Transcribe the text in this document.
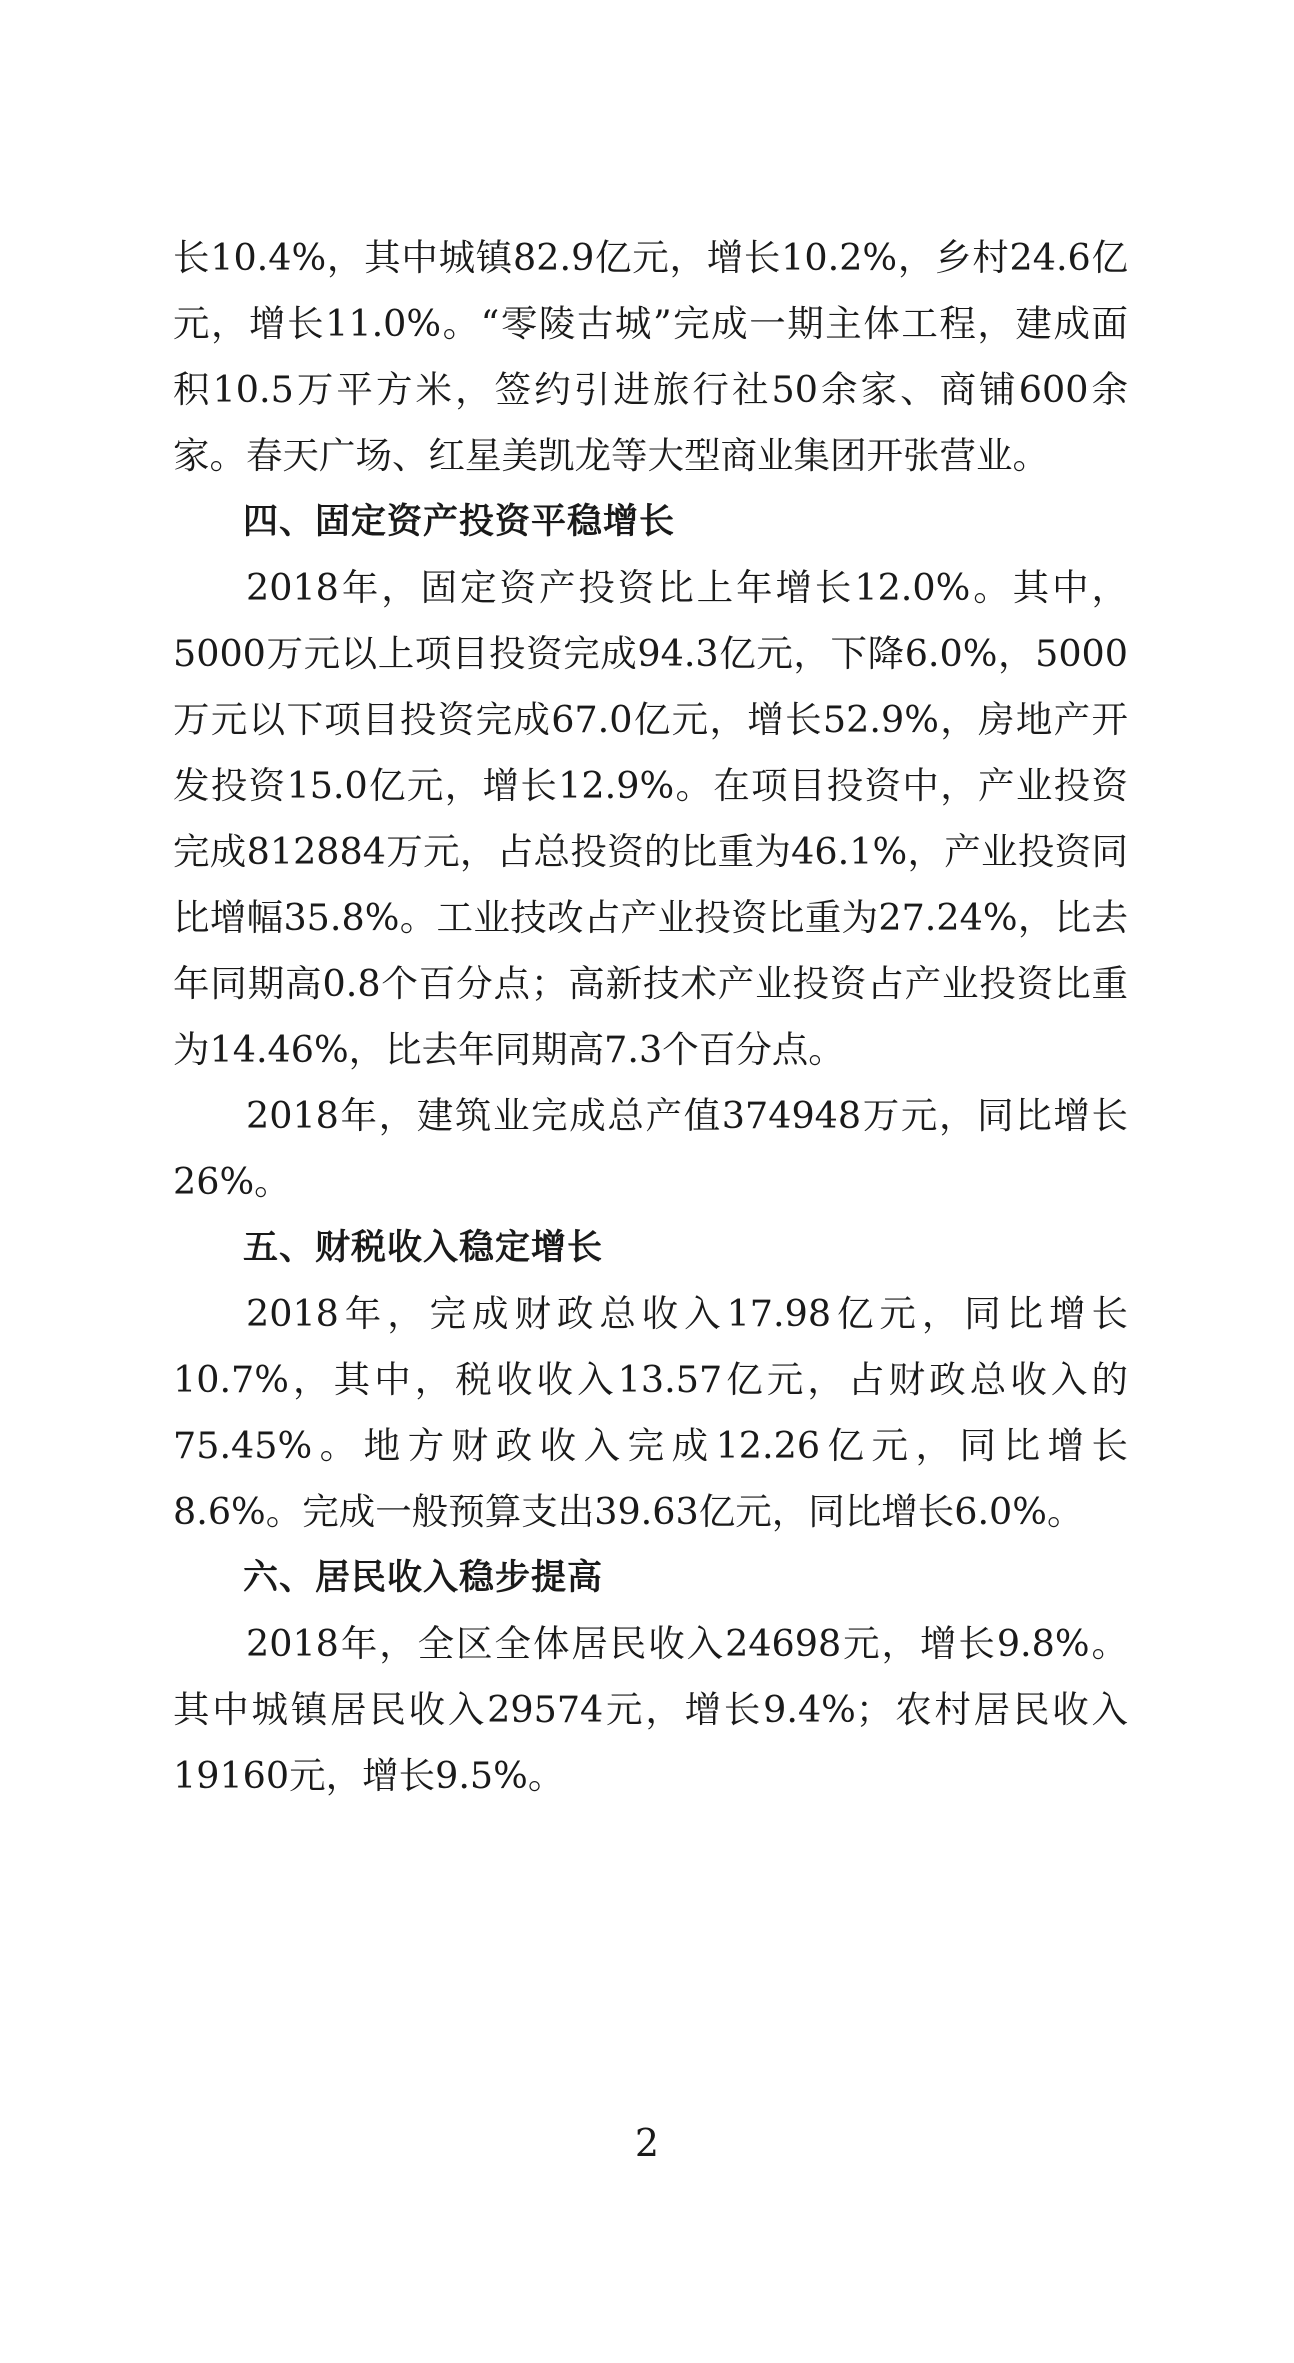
长10.4%，其中城镇82.9亿元，增长10.2%，乡村24.6亿元，增长11.0%。“零陵古城”完成一期主体工程，建成面积10.5万平方米，签约引进旅行社50余家、商铺600余家。春天广场、红星美凯龙等大型商业集团开张营业。

四、固定资产投资平稳增长

2018年，固定资产投资比上年增长12.0%。其中，5000万元以上项目投资完成94.3亿元，下降6.0%，5000万元以下项目投资完成67.0亿元，增长52.9%，房地产开发投资15.0亿元，增长12.9%。在项目投资中，产业投资完成812884万元，占总投资的比重为46.1%，产业投资同比增幅35.8%。工业技改占产业投资比重为27.24%，比去年同期高0.8个百分点；高新技术产业投资占产业投资比重为14.46%，比去年同期高7.3个百分点。

2018年，建筑业完成总产值374948万元，同比增长26%。

五、财税收入稳定增长

2018年，完成财政总收入17.98亿元，同比增长10.7%，其中，税收收入13.57亿元，占财政总收入的75.45%。地方财政收入完成12.26亿元，同比增长8.6%。完成一般预算支出39.63亿元，同比增长6.0%。

六、居民收入稳步提高

2018年，全区全体居民收入24698元，增长9.8%。其中城镇居民收入29574元，增长9.4%；农村居民收入19160元，增长9.5%。

2
